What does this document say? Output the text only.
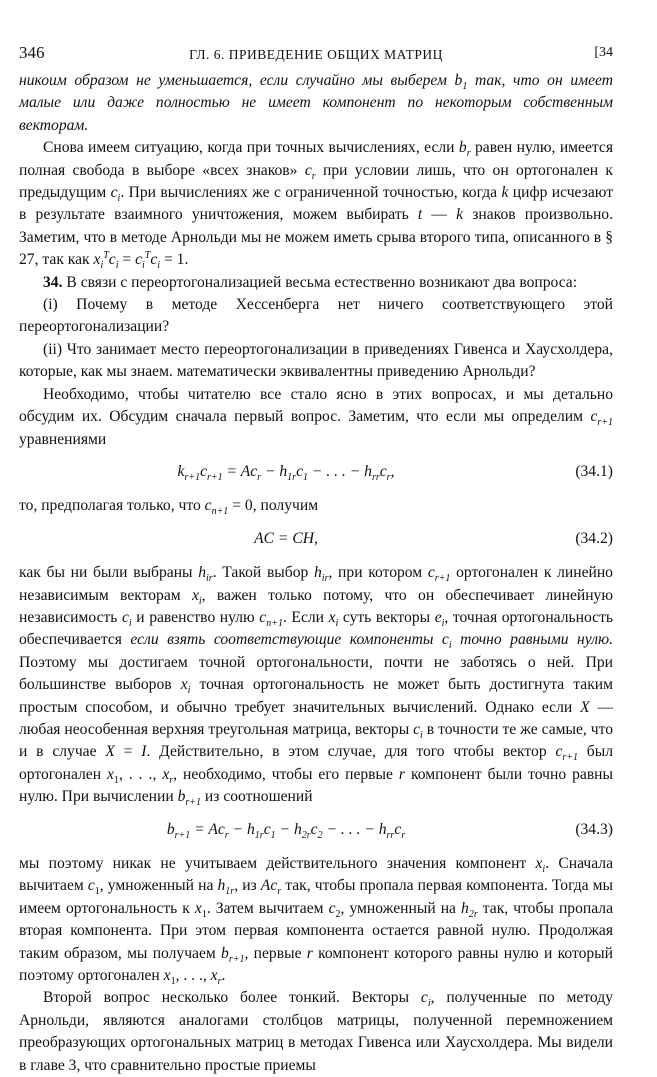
346	ГЛ. 6. ПРИВЕДЕНИЕ ОБЩИХ МАТРИЦ	[34

никоим образом не уменьшается, если случайно мы выберем $b_1$ так, что он имеет малые или даже полностью не имеет компонент по некоторым собственным векторам.

Снова имеем ситуацию, когда при точных вычислениях, если $b_r$ равен нулю, имеется полная свобода в выборе «всех знаков» $c_r$ при условии лишь, что он ортогонален к предыдущим $c_i$. При вычислениях же с ограниченной точностью, когда k цифр исчезают в результате взаимного уничтожения, можем выбирать t — k знаков произвольно. Заметим, что в методе Арнольди мы не можем иметь срыва второго типа, описанного в § 27, так как $x_i^Tc_i = c_i^Tc_i = 1$.

34. В связи с переортогонализацией весьма естественно возникают два вопроса:

(i) Почему в методе Хессенберга нет ничего соответствующего этой переортогонализации?

(ii) Что занимает место переортогонализации в приведениях Гивенса и Хаусхолдера, которые, как мы знаем. математически эквивалентны приведению Арнольди?

Необходимо, чтобы читателю все стало ясно в этих вопросах, и мы детально обсудим их. Обсудим сначала первый вопрос. Заметим, что если мы определим $c_{r+1}$ уравнениями

$k_{r+1}c_{r+1} = Ac_r - h_{1r}c_1$ − . . . − $h_{rr}c_r$,	(34.1)

то, предполагая только, что $c_{n+1} = 0$, получим

AC = CH,	(34.2)

как бы ни были выбраны $h_{ir}$. Такой выбор $h_{ir}$, при котором $c_{r+1}$ ортогонален к линейно независимым векторам $x_i$, важен только потому, что он обеспечивает линейную независимость $c_i$ и равенство нулю $c_{n+1}$. Если $x_i$ суть векторы $e_i$, точная ортогональность обеспечивается если взять соответствующие компоненты $c_i$ точно равными нулю. Поэтому мы достигаем точной ортогональности, почти не заботясь о ней. При большинстве выборов $x_i$ точная ортогональность не может быть достигнута таким простым способом, и обычно требует значительных вычислений. Однако если X — любая неособенная верхняя треугольная матрица, векторы $c_i$ в точности те же самые, что и в случае X = I. Действительно, в этом случае, для того чтобы вектор $c_{r+1}$ был ортогонален $x_1$, . . ., $x_r$, необходимо, чтобы его первые r компонент были точно равны нулю. При вычислении $b_{r+1}$ из соотношений

$b_{r+1} = Ac_r - h_{1r}c_1 - h_{2r}c_2$ − . . . − $h_{rr}c_r$	(34.3)

мы поэтому никак не учитываем действительного значения компонент $x_i$. Сначала вычитаем $c_1$, умноженный на $h_{1r}$, из $Ac_r$ так, чтобы пропала первая компонента. Тогда мы имеем ортогональность к $x_1$. Затем вычитаем $c_2$, умноженный на $h_{2r}$ так, чтобы пропала вторая компонента. При этом первая компонента остается равной нулю. Продолжая таким образом, мы получаем $b_{r+1}$, первые r компонент которого равны нулю и который поэтому ортогонален $x_1$, . . ., $x_r$.

Второй вопрос несколько более тонкий. Векторы $c_i$, полученные по методу Арнольди, являются аналогами столбцов матрицы, полученной перемножением преобразующих ортогональных матриц в методах Гивенса или Хаусхолдера. Мы видели в главе 3, что сравнительно простые приемы
